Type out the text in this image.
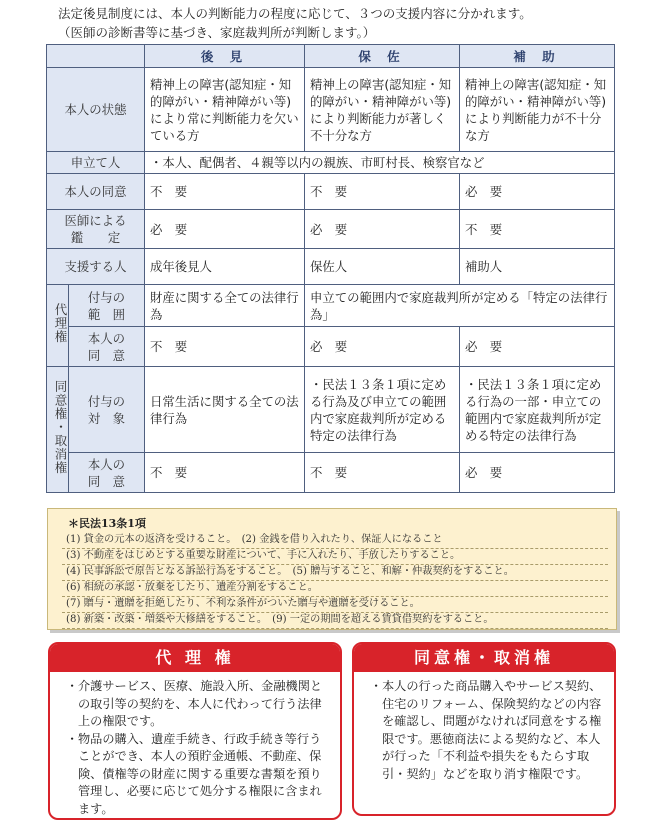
法定後見制度には、本人の判断能力の程度に応じて、３つの支援内容に分かれます。

（医師の診断書等に基づき、家庭裁判所が判断します。）

		後 見	保 佐	補 助
本人の状態		精神上の障害(認知症・知的障がい・精神障がい等)により常に判断能力を欠いている方	精神上の障害(認知症・知的障がい・精神障がい等)により判断能力が著しく不十分な方	精神上の障害(認知症・知的障がい・精神障がい等)により判断能力が不十分な方
申立て人		・本人、配偶者、４親等以内の親族、市町村長、検察官など		
本人の同意		不　要	不　要	必　要

医師による
鑑　　定		必　要	必　要	不　要
支援する人		成年後見人	保佐人	補助人
代理権	付与の
範　囲	財産に関する全ての法律行為	申立ての範囲内で家庭裁判所が定める「特定の法律行為」	

	本人の
同　意	不　要	必　要	必　要
同意権・取消権	付与の
対　象	日常生活に関する全ての法律行為	・民法１３条１項に定める行為及び申立ての範囲内で家庭裁判所が定める特定の法律行為	・民法１３条１項に定める行為の一部・申立ての範囲内で家庭裁判所が定める特定の法律行為

	本人の
同　意	不　要	不　要	必　要
＊民法13条1項
(1) 貸金の元本の返済を受けること。　(2) 金銭を借り入れたり、保証人になること
(3) 不動産をはじめとする重要な財産について、手に入れたり、手放したりすること。
(4) 民事訴訟で原告となる訴訟行為をすること。　(5) 贈与すること、和解・仲裁契約をすること。
(6) 相続の承認・放棄をしたり、遺産分割をすること。
(7) 贈与・遺贈を拒絶したり、不利な条件がついた贈与や遺贈を受けること。
(8) 新築・改築・増築や大修繕をすること。　(9) 一定の期間を超える賃貸借契約をすること。
代 理 権
・ 介護サービス、医療、施設入所、金融機関との取引等の契約を、本人に代わって行う法律上の権限です。
・ 物品の購入、遺産手続き、行政手続き等行うことができ、本人の預貯金通帳、不動産、保険、債権等の財産に関する重要な書類を預り管理し、必要に応じて処分する権限に含まれます。
同意権・取消権
・ 本人の行った商品購入やサービス契約、住宅のリフォーム、保険契約などの内容を確認し、問題がなければ同意をする権限です。悪徳商法による契約など、本人が行った「不利益や損失をもたらす取引・契約」などを取り消す権限です。
